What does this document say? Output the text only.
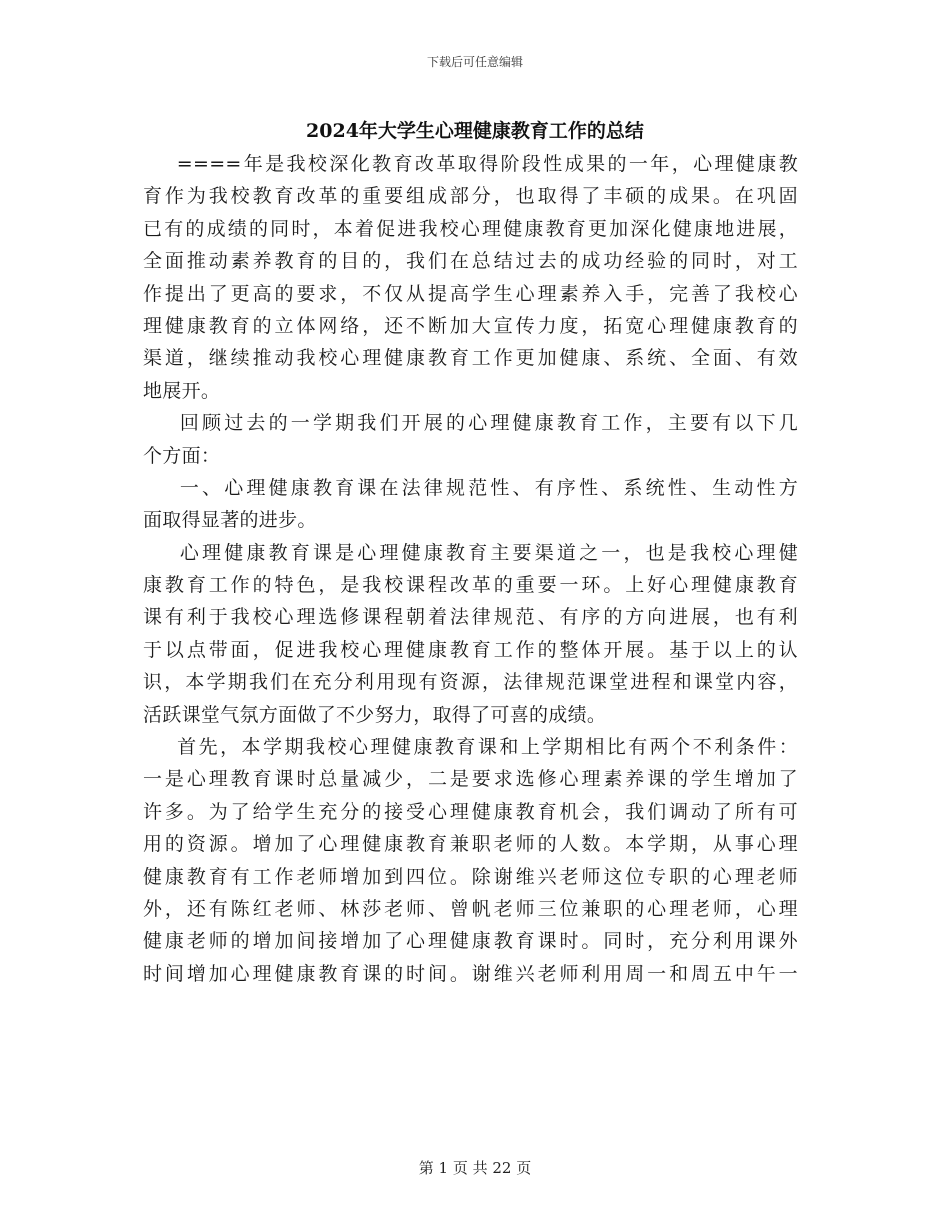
下载后可任意编辑
2024年大学生心理健康教育工作的总结
====年是我校深化教育改革取得阶段性成果的一年，心理健康教
育作为我校教育改革的重要组成部分，也取得了丰硕的成果。在巩固
已有的成绩的同时，本着促进我校心理健康教育更加深化健康地进展，
全面推动素养教育的目的，我们在总结过去的成功经验的同时，对工
作提出了更高的要求，不仅从提高学生心理素养入手，完善了我校心
理健康教育的立体网络，还不断加大宣传力度，拓宽心理健康教育的
渠道，继续推动我校心理健康教育工作更加健康、系统、全面、有效
地展开。
回顾过去的一学期我们开展的心理健康教育工作，主要有以下几
个方面：
一、心理健康教育课在法律规范性、有序性、系统性、生动性方
面取得显著的进步。
心理健康教育课是心理健康教育主要渠道之一，也是我校心理健
康教育工作的特色，是我校课程改革的重要一环。上好心理健康教育
课有利于我校心理选修课程朝着法律规范、有序的方向进展，也有利
于以点带面，促进我校心理健康教育工作的整体开展。基于以上的认
识，本学期我们在充分利用现有资源，法律规范课堂进程和课堂内容，
活跃课堂气氛方面做了不少努力，取得了可喜的成绩。
首先，本学期我校心理健康教育课和上学期相比有两个不利条件：
一是心理教育课时总量减少，二是要求选修心理素养课的学生增加了
许多。为了给学生充分的接受心理健康教育机会，我们调动了所有可
用的资源。增加了心理健康教育兼职老师的人数。本学期，从事心理
健康教育有工作老师增加到四位。除谢维兴老师这位专职的心理老师
外，还有陈红老师、林莎老师、曾帆老师三位兼职的心理老师，心理
健康老师的增加间接增加了心理健康教育课时。同时，充分利用课外
时间增加心理健康教育课的时间。谢维兴老师利用周一和周五中午一
第 1 页 共 22 页
